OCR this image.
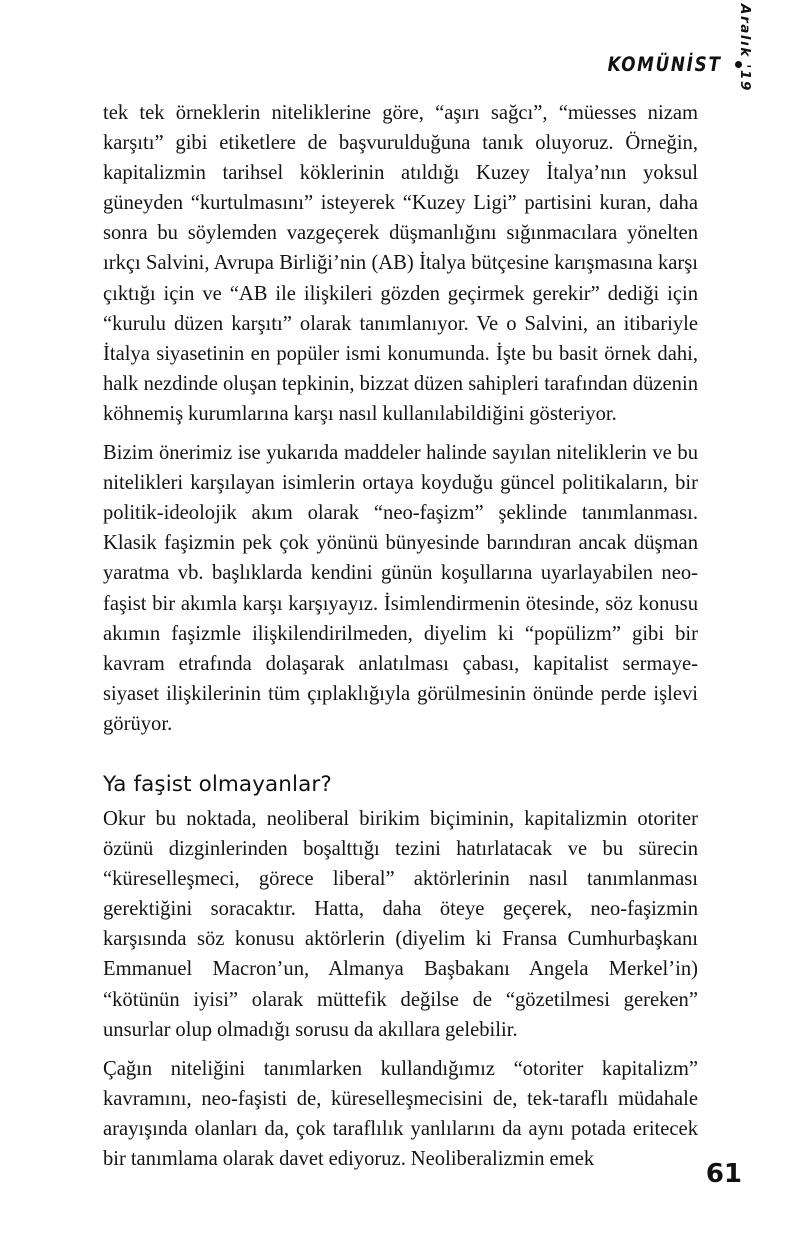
KOMÜNİST Aralık '19

tek tek örneklerin niteliklerine göre, “aşırı sağcı”, “müesses nizam karşıtı” gibi etiketlere de başvurulduğuna tanık oluyoruz. Örneğin, kapitalizmin tarihsel köklerinin atıldığı Kuzey İtalya’nın yoksul güneyden “kurtulmasını” isteyerek “Kuzey Ligi” partisini kuran, daha sonra bu söylemden vazgeçerek düşmanlığını sığınmacılara yönelten ırkçı Salvini, Avrupa Birliği’nin (AB) İtalya bütçesine karışmasına karşı çıktığı için ve “AB ile ilişkileri gözden geçirmek gerekir” dediği için “kurulu düzen karşıtı” olarak tanımlanıyor. Ve o Salvini, an itibariyle İtalya siyasetinin en popüler ismi konumunda. İşte bu basit örnek dahi, halk nezdinde oluşan tepkinin, bizzat düzen sahipleri tarafından düzenin köhnemiş kurumlarına karşı nasıl kullanılabildiğini gösteriyor.

Bizim önerimiz ise yukarıda maddeler halinde sayılan niteliklerin ve bu nitelikleri karşılayan isimlerin ortaya koyduğu güncel politikaların, bir politik-ideolojik akım olarak “neo-faşizm” şeklinde tanımlanması. Klasik faşizmin pek çok yönünü bünyesinde barındıran ancak düşman yaratma vb. başlıklarda kendini günün koşullarına uyarlayabilen neo-faşist bir akımla karşı karşıyayız. İsimlendirmenin ötesinde, söz konusu akımın faşizmle ilişkilendirilmeden, diyelim ki “popülizm” gibi bir kavram etrafında dolaşarak anlatılması çabası, kapitalist sermaye-siyaset ilişkilerinin tüm çıplaklığıyla görülmesinin önünde perde işlevi görüyor.

Ya faşist olmayanlar?

Okur bu noktada, neoliberal birikim biçiminin, kapitalizmin otoriter özünü dizginlerinden boşalttığı tezini hatırlatacak ve bu sürecin “küreselleşmeci, görece liberal” aktörlerinin nasıl tanımlanması gerektiğini soracaktır. Hatta, daha öteye geçerek, neo-faşizmin karşısında söz konusu aktörlerin (diyelim ki Fransa Cumhurbaşkanı Emmanuel Macron’un, Almanya Başbakanı Angela Merkel’in) “kötünün iyisi” olarak müttefik değilse de “gözetilmesi gereken” unsurlar olup olmadığı sorusu da akıllara gelebilir.

Çağın niteliğini tanımlarken kullandığımız “otoriter kapitalizm” kavramını, neo-faşisti de, küreselleşmecisini de, tek-taraflı müdahale arayışında olanları da, çok taraflılık yanlılarını da aynı potada eritecek bir tanımlama olarak davet ediyoruz. Neoliberalizmin emek	61
